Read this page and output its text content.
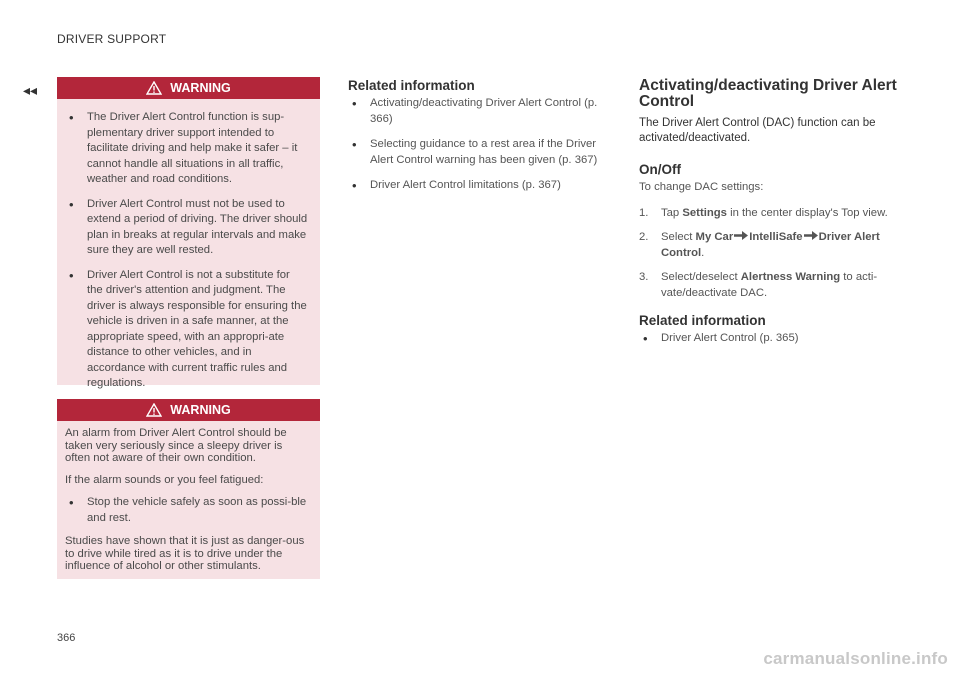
DRIVER SUPPORT
◂◂	WARNING
• The Driver Alert Control function is sup-plementary driver support intended to facilitate driving and help make it safer – it cannot handle all situations in all traffic, weather and road conditions.
• Driver Alert Control must not be used to extend a period of driving. The driver should plan in breaks at regular intervals and make sure they are well rested.
• Driver Alert Control is not a substitute for the driver's attention and judgment. The driver is always responsible for ensuring the vehicle is driven in a safe manner, at the appropriate speed, with an appropri-ate distance to other vehicles, and in accordance with current traffic rules and regulations.
WARNING

An alarm from Driver Alert Control should be taken very seriously since a sleepy driver is often not aware of their own condition.

If the alarm sounds or you feel fatigued:

• Stop the vehicle safely as soon as possi-ble and rest.

Studies have shown that it is just as danger-ous to drive while tired as it is to drive under the influence of alcohol or other stimulants.

Related information
• Activating/deactivating Driver Alert Control (p. 366)
• Selecting guidance to a rest area if the Driver Alert Control warning has been given (p. 367)
• Driver Alert Control limitations (p. 367)
Activating/deactivating Driver Alert Control

The Driver Alert Control (DAC) function can be activated/deactivated.

On/Off
To change DAC settings:
1. Tap Settings in the center display's Top view.
2. Select My Car IntelliSafe Driver Alert Control.
3. Select/deselect Alertness Warning to acti-vate/deactivate DAC.
Related information
• Driver Alert Control (p. 365)
366
carmanualsonline.info
